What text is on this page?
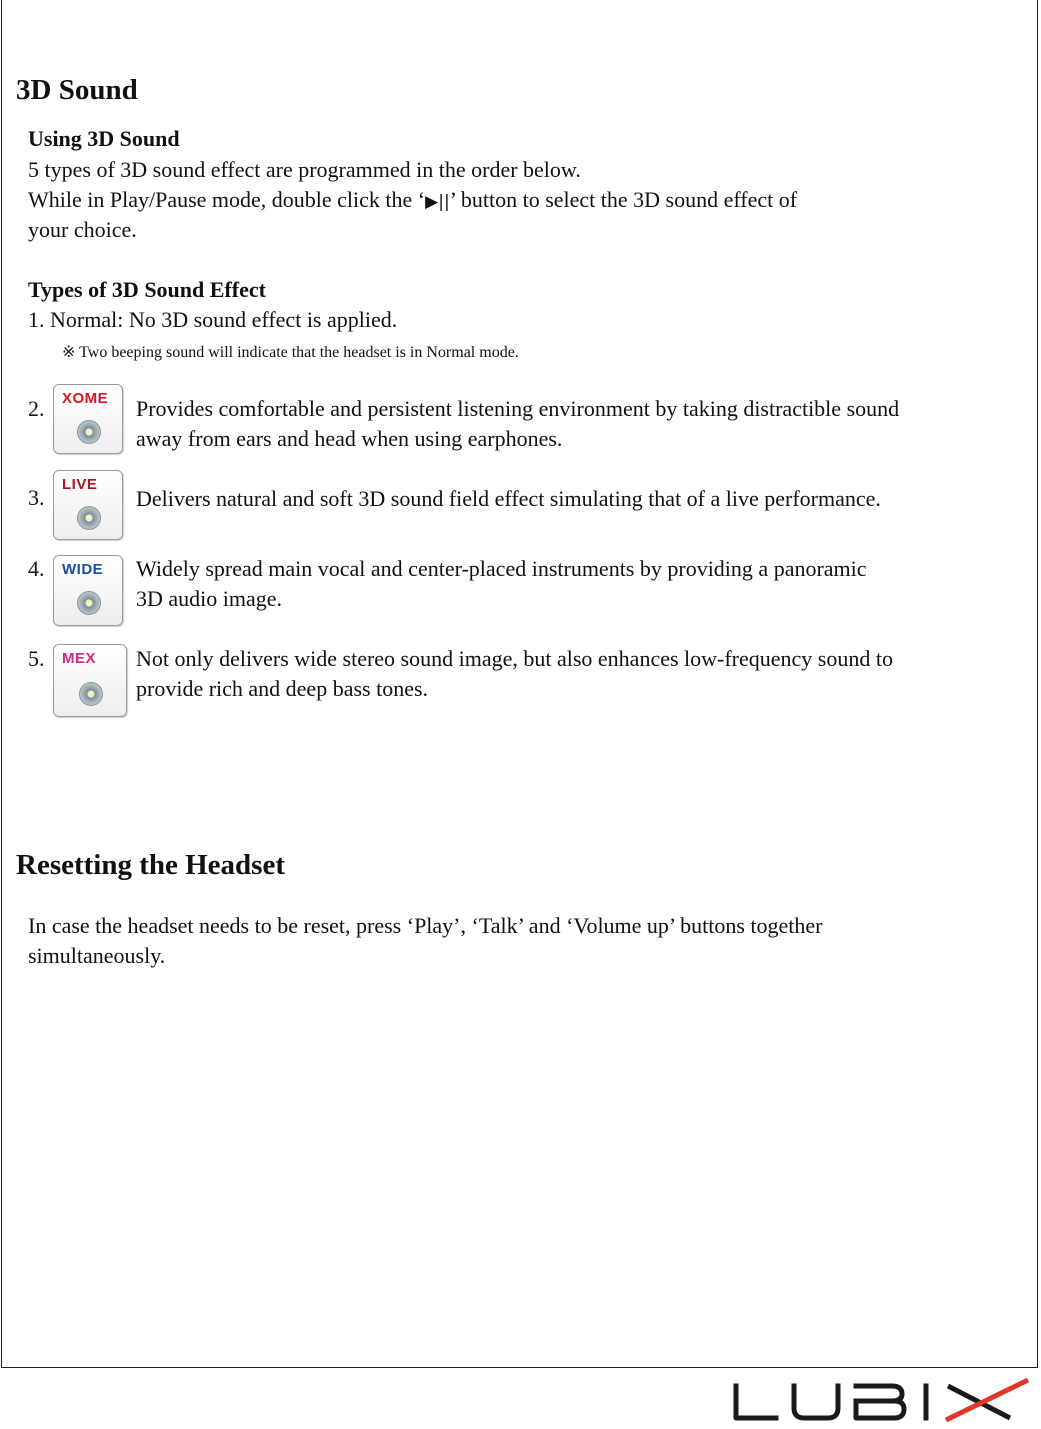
3D Sound
Using 3D Sound
5 types of 3D sound effect are programmed in the order below.
While in Play/Pause mode, double click the ‘▶||’ button to select the 3D sound effect of
your choice.
Types of 3D Sound Effect
1. Normal: No 3D sound effect is applied.
※ Two beeping sound will indicate that the headset is in Normal mode.
2. XOME Provides comfortable and persistent listening environment by taking distractible sound
away from ears and head when using earphones.
3.
LIVE
Delivers natural and soft 3D sound field effect simulating that of a live performance.
4. WIDE Widely spread main vocal and center-placed instruments by providing a panoramic
3D audio image.
5. MEX Not only delivers wide stereo sound image, but also enhances low-frequency sound to
provide rich and deep bass tones.
Resetting the Headset
In case the headset needs to be reset, press ‘Play’, ‘Talk’ and ‘Volume up’ buttons together
simultaneously.
